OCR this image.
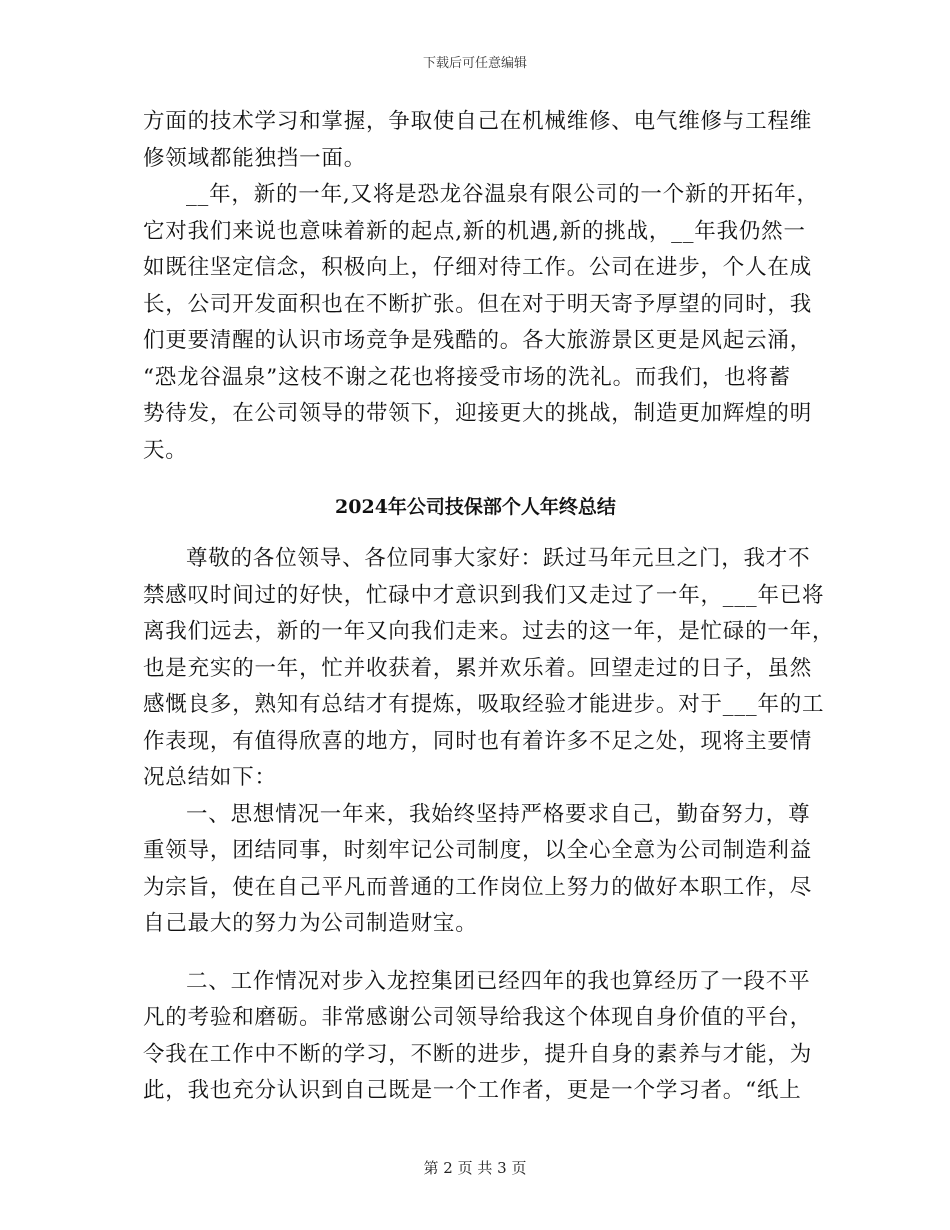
下载后可任意编辑
方面的技术学习和掌握，争取使自己在机械维修、电气维修与工程维
修领域都能独挡一面。
__年，新的一年,又将是恐龙谷温泉有限公司的一个新的开拓年，
它对我们来说也意味着新的起点,新的机遇,新的挑战，__年我仍然一
如既往坚定信念，积极向上，仔细对待工作。公司在进步，个人在成
长，公司开发面积也在不断扩张。但在对于明天寄予厚望的同时，我
们更要清醒的认识市场竞争是残酷的。各大旅游景区更是风起云涌，
“恐龙谷温泉”这枝不谢之花也将接受市场的洗礼。而我们，也将蓄
势待发，在公司领导的带领下，迎接更大的挑战，制造更加辉煌的明
天。
2024年公司技保部个人年终总结
尊敬的各位领导、各位同事大家好：跃过马年元旦之门，我才不
禁感叹时间过的好快，忙碌中才意识到我们又走过了一年，___年已将
离我们远去，新的一年又向我们走来。过去的这一年，是忙碌的一年，
也是充实的一年，忙并收获着，累并欢乐着。回望走过的日子，虽然
感慨良多，熟知有总结才有提炼，吸取经验才能进步。对于___年的工
作表现，有值得欣喜的地方，同时也有着许多不足之处，现将主要情
况总结如下：
一、思想情况一年来，我始终坚持严格要求自己，勤奋努力，尊
重领导，团结同事，时刻牢记公司制度，以全心全意为公司制造利益
为宗旨，使在自己平凡而普通的工作岗位上努力的做好本职工作，尽
自己最大的努力为公司制造财宝。
二、工作情况对步入龙控集团已经四年的我也算经历了一段不平
凡的考验和磨砺。非常感谢公司领导给我这个体现自身价值的平台，
令我在工作中不断的学习，不断的进步，提升自身的素养与才能，为
此，我也充分认识到自己既是一个工作者，更是一个学习者。“纸上
第 2 页 共 3 页
